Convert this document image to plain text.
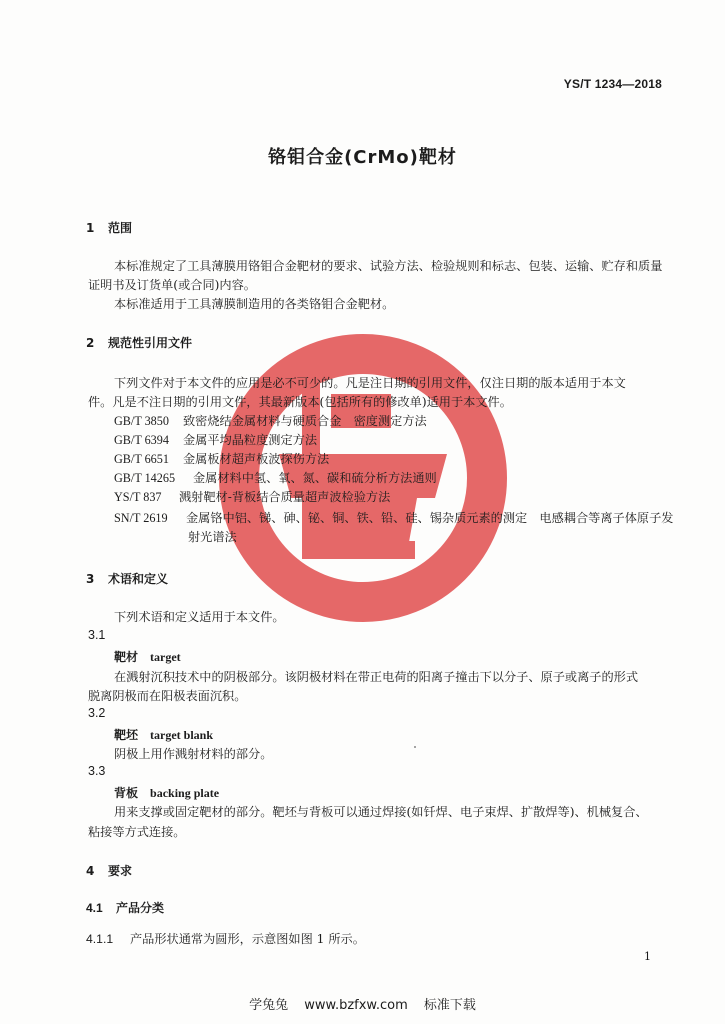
YS/T 1234—2018
铬钼合金(CrMo)靶材
1 范围
本标准规定了工具薄膜用铬钼合金靶材的要求、试验方法、检验规则和标志、包装、运输、贮存和质量
证明书及订货单(或合同)内容。
本标准适用于工具薄膜制造用的各类铬钼合金靶材。
2 规范性引用文件
下列文件对于本文件的应用是必不可少的。凡是注日期的引用文件，仅注日期的版本适用于本文
件。凡是不注日期的引用文件，其最新版本(包括所有的修改单)适用于本文件。
GB/T 3850 致密烧结金属材料与硬质合金　密度测定方法
GB/T 6394 金属平均晶粒度测定方法
GB/T 6651 金属板材超声板波探伤方法
GB/T 14265 金属材料中氢、氧、氮、碳和硫分析方法通则
YS/T 837 溅射靶材-背板结合质量超声波检验方法
SN/T 2619 金属铬中铝、锑、砷、铋、铜、铁、铅、硅、锡杂质元素的测定　电感耦合等离子体原子发
射光谱法
3 术语和定义
下列术语和定义适用于本文件。
3.1
靶材 target
在溅射沉积技术中的阴极部分。该阴极材料在带正电荷的阳离子撞击下以分子、原子或离子的形式
脱离阴极而在阳极表面沉积。
3.2
靶坯 target blank
阴极上用作溅射材料的部分。
3.3
背板 backing plate
用来支撑或固定靶材的部分。靶坯与背板可以通过焊接(如钎焊、电子束焊、扩散焊等)、机械复合、
粘接等方式连接。
4 要求
4.1 产品分类
4.1.1 产品形状通常为圆形，示意图如图 1 所示。
1
学兔兔 www.bzfxw.com 标准下载
